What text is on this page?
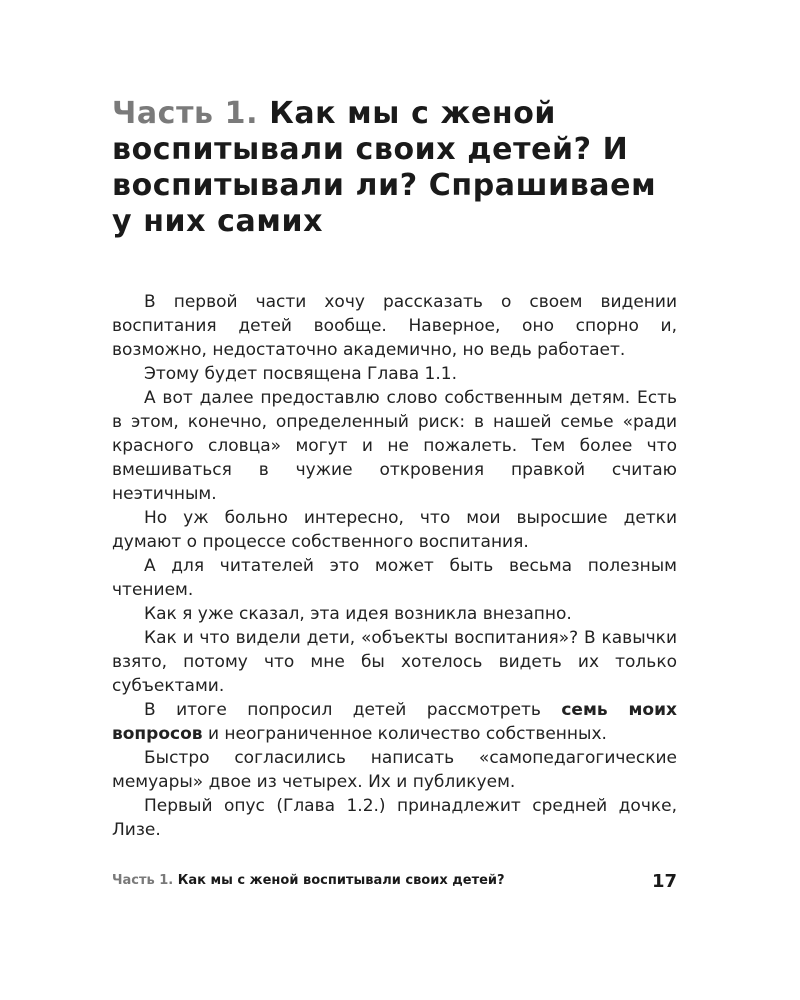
Часть 1. Как мы с женой воспитывали своих детей? И воспитывали ли? Спрашиваем у них самих

В первой части хочу рассказать о своем видении воспитания детей вообще. Наверное, оно спорно и, возможно, недостаточно академично, но ведь работает.

Этому будет посвящена Глава 1.1.

А вот далее предоставлю слово собственным детям. Есть в этом, конечно, определенный риск: в нашей семье «ради красного словца» могут и не пожалеть. Тем более что вмешиваться в чужие откровения правкой считаю неэтичным.

Но уж больно интересно, что мои выросшие детки думают о процессе собственного воспитания.

А для читателей это может быть весьма полезным чтением.

Как я уже сказал, эта идея возникла внезапно.

Как и что видели дети, «объекты воспитания»? В кавычки взято, потому что мне бы хотелось видеть их только субъектами.

В итоге попросил детей рассмотреть семь моих вопросов и неограниченное количество собственных.

Быстро согласились написать «самопедагогические мемуары» двое из четырех. Их и публикуем.

Первый опус (Глава 1.2.) принадлежит средней дочке, Лизе.

Часть 1. Как мы с женой воспитывали своих детей?	17
